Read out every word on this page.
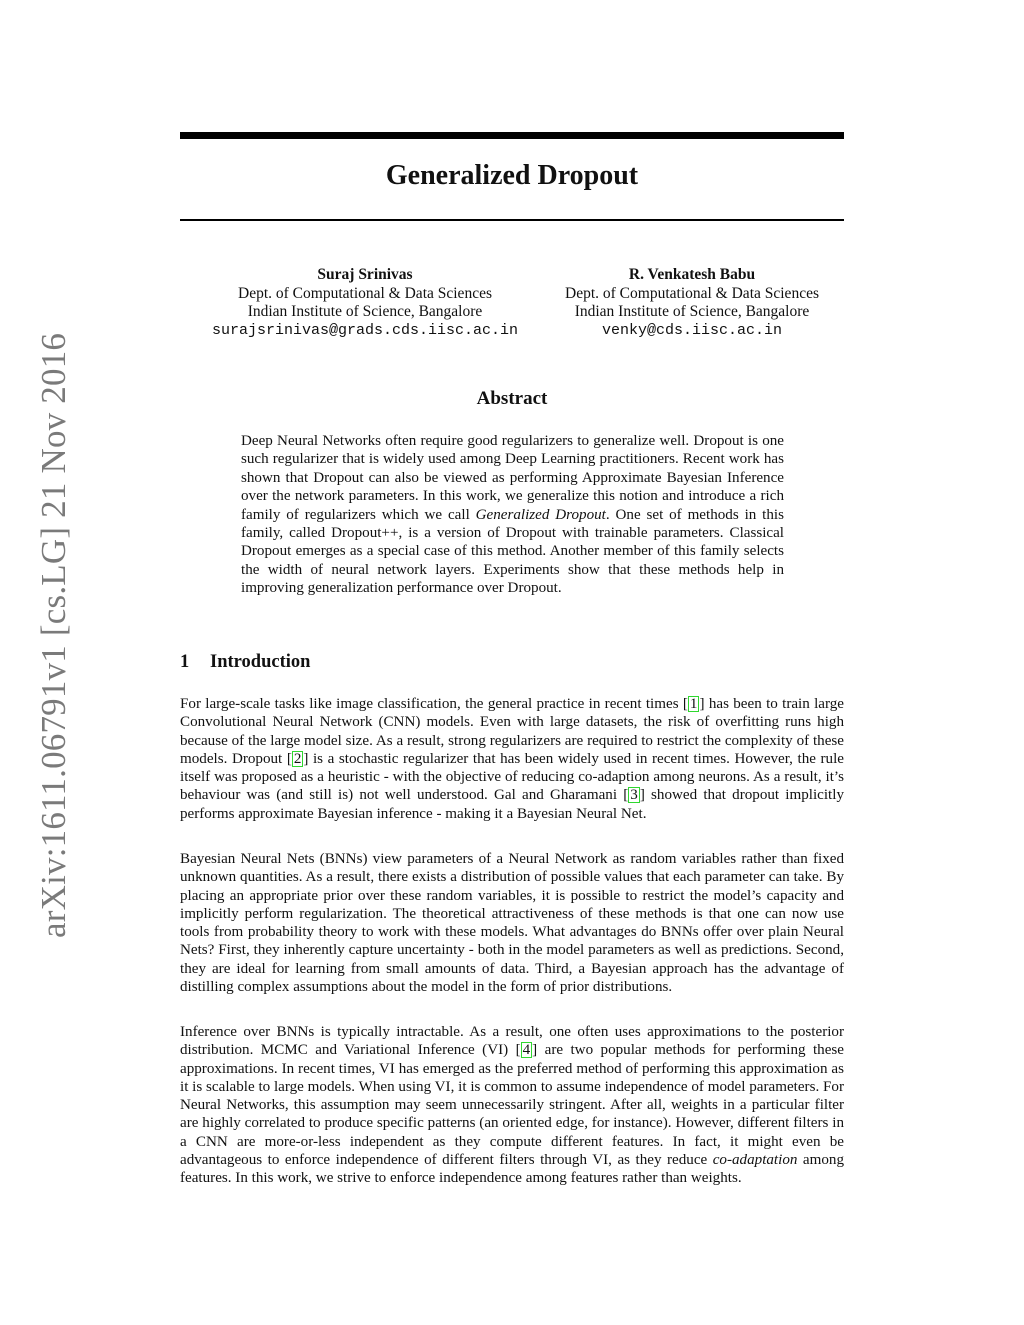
arXiv:1611.06791v1 [cs.LG] 21 Nov 2016
Generalized Dropout
Suraj Srinivas
Dept. of Computational & Data Sciences
Indian Institute of Science, Bangalore
surajsrinivas@grads.cds.iisc.ac.in
R. Venkatesh Babu
Dept. of Computational & Data Sciences
Indian Institute of Science, Bangalore
venky@cds.iisc.ac.in
Abstract

Deep Neural Networks often require good regularizers to generalize well. Dropout is one such regularizer that is widely used among Deep Learning practitioners. Recent work has shown that Dropout can also be viewed as performing Approximate Bayesian Inference over the network parameters. In this work, we generalize this notion and introduce a rich family of regularizers which we call Generalized Dropout. One set of methods in this family, called Dropout++, is a version of Dropout with trainable parameters. Classical Dropout emerges as a special case of this method. Another member of this family selects the width of neural network layers. Experiments show that these methods help in improving generalization performance over Dropout.

1 Introduction

For large-scale tasks like image classification, the general practice in recent times [ 1 ] has been to train large Convolutional Neural Network (CNN) models. Even with large datasets, the risk of overfitting runs high because of the large model size. As a result, strong regularizers are required to restrict the complexity of these models. Dropout [ 2 ] is a stochastic regularizer that has been widely used in recent times. However, the rule itself was proposed as a heuristic - with the objective of reducing co-adaption among neurons. As a result, it’s behaviour was (and still is) not well understood. Gal and Gharamani [ 3 ] showed that dropout implicitly performs approximate Bayesian inference - making it a Bayesian Neural Net.

Bayesian Neural Nets (BNNs) view parameters of a Neural Network as random variables rather than fixed unknown quantities. As a result, there exists a distribution of possible values that each parameter can take. By placing an appropriate prior over these random variables, it is possible to restrict the model’s capacity and implicitly perform regularization. The theoretical attractiveness of these methods is that one can now use tools from probability theory to work with these models. What advantages do BNNs offer over plain Neural Nets? First, they inherently capture uncertainty - both in the model parameters as well as predictions. Second, they are ideal for learning from small amounts of data. Third, a Bayesian approach has the advantage of distilling complex assumptions about the model in the form of prior distributions.

Inference over BNNs is typically intractable. As a result, one often uses approximations to the posterior distribution. MCMC and Variational Inference (VI) [ 4 ] are two popular methods for performing these approximations. In recent times, VI has emerged as the preferred method of performing this approximation as it is scalable to large models. When using VI, it is common to assume independence of model parameters. For Neural Networks, this assumption may seem unnecessarily stringent. After all, weights in a particular filter are highly correlated to produce specific patterns (an oriented edge, for instance). However, different filters in a CNN are more-or-less independent as they compute different features. In fact, it might even be advantageous to enforce independence of different filters through VI, as they reduce co-adaptation among features. In this work, we strive to enforce independence among features rather than weights.
